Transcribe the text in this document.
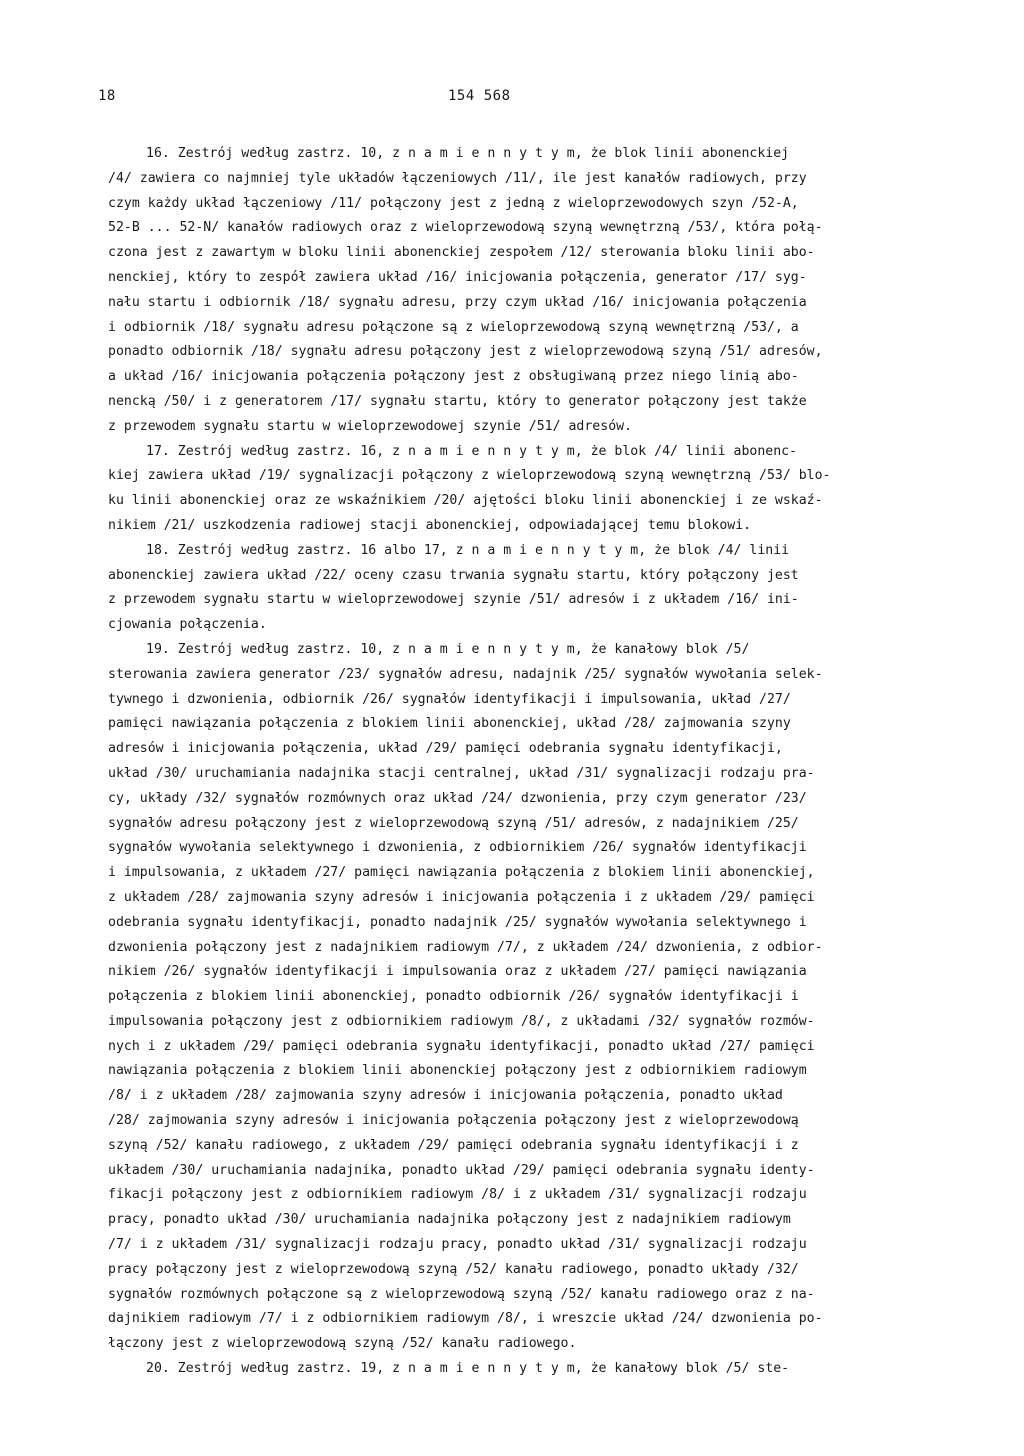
18	154 568
16. Zestrój według zastrz. 10, z n a m i e n n y t y m, że blok linii abonenckiej
/4/ zawiera co najmniej tyle układów łączeniowych /11/, ile jest kanałów radiowych, przy
czym każdy układ łączeniowy /11/ połączony jest z jedną z wieloprzewodowych szyn /52-A,
52-B ... 52-N/ kanałów radiowych oraz z wieloprzewodową szyną wewnętrzną /53/, która połą-
czona jest z zawartym w bloku linii abonenckiej zespołem /12/ sterowania bloku linii abo-
nenckiej, który to zespół zawiera układ /16/ inicjowania połączenia, generator /17/ syg-
nału startu i odbiornik /18/ sygnału adresu, przy czym układ /16/ inicjowania połączenia
i odbiornik /18/ sygnału adresu połączone są z wieloprzewodową szyną wewnętrzną /53/, a
ponadto odbiornik /18/ sygnału adresu połączony jest z wieloprzewodową szyną /51/ adresów,
a układ /16/ inicjowania połączenia połączony jest z obsługiwaną przez niego linią abo-
nencką /50/ i z generatorem /17/ sygnału startu, który to generator połączony jest także
z przewodem sygnału startu w wieloprzewodowej szynie /51/ adresów.
17. Zestrój według zastrz. 16, z n a m i e n n y t y m, że blok /4/ linii abonenc-
kiej zawiera układ /19/ sygnalizacji połączony z wieloprzewodową szyną wewnętrzną /53/ blo-
ku linii abonenckiej oraz ze wskaźnikiem /20/ ajętości bloku linii abonenckiej i ze wskaź-
nikiem /21/ uszkodzenia radiowej stacji abonenckiej, odpowiadającej temu blokowi.
18. Zestrój według zastrz. 16 albo 17, z n a m i e n n y t y m, że blok /4/ linii
abonenckiej zawiera układ /22/ oceny czasu trwania sygnału startu, który połączony jest
z przewodem sygnału startu w wieloprzewodowej szynie /51/ adresów i z układem /16/ ini-
cjowania połączenia.
19. Zestrój według zastrz. 10, z n a m i e n n y t y m, że kanałowy blok /5/
sterowania zawiera generator /23/ sygnałów adresu, nadajnik /25/ sygnałów wywołania selek-
tywnego i dzwonienia, odbiornik /26/ sygnałów identyfikacji i impulsowania, układ /27/
pamięci nawiązania połączenia z blokiem linii abonenckiej, układ /28/ zajmowania szyny
adresów i inicjowania połączenia, układ /29/ pamięci odebrania sygnału identyfikacji,
układ /30/ uruchamiania nadajnika stacji centralnej, układ /31/ sygnalizacji rodzaju pra-
cy, układy /32/ sygnałów rozmównych oraz układ /24/ dzwonienia, przy czym generator /23/
sygnałów adresu połączony jest z wieloprzewodową szyną /51/ adresów, z nadajnikiem /25/
sygnałów wywołania selektywnego i dzwonienia, z odbiornikiem /26/ sygnałów identyfikacji
i impulsowania, z układem /27/ pamięci nawiązania połączenia z blokiem linii abonenckiej,
z układem /28/ zajmowania szyny adresów i inicjowania połączenia i z układem /29/ pamięci
odebrania sygnału identyfikacji, ponadto nadajnik /25/ sygnałów wywołania selektywnego i
dzwonienia połączony jest z nadajnikiem radiowym /7/, z układem /24/ dzwonienia, z odbior-
nikiem /26/ sygnałów identyfikacji i impulsowania oraz z układem /27/ pamięci nawiązania
połączenia z blokiem linii abonenckiej, ponadto odbiornik /26/ sygnałów identyfikacji i
impulsowania połączony jest z odbiornikiem radiowym /8/, z układami /32/ sygnałów rozmów-
nych i z układem /29/ pamięci odebrania sygnału identyfikacji, ponadto układ /27/ pamięci
nawiązania połączenia z blokiem linii abonenckiej połączony jest z odbiornikiem radiowym
/8/ i z układem /28/ zajmowania szyny adresów i inicjowania połączenia, ponadto układ
/28/ zajmowania szyny adresów i inicjowania połączenia połączony jest z wieloprzewodową
szyną /52/ kanału radiowego, z układem /29/ pamięci odebrania sygnału identyfikacji i z
układem /30/ uruchamiania nadajnika, ponadto układ /29/ pamięci odebrania sygnału identy-
fikacji połączony jest z odbiornikiem radiowym /8/ i z układem /31/ sygnalizacji rodzaju
pracy, ponadto układ /30/ uruchamiania nadajnika połączony jest z nadajnikiem radiowym
/7/ i z układem /31/ sygnalizacji rodzaju pracy, ponadto układ /31/ sygnalizacji rodzaju
pracy połączony jest z wieloprzewodową szyną /52/ kanału radiowego, ponadto układy /32/
sygnałów rozmównych połączone są z wieloprzewodową szyną /52/ kanału radiowego oraz z na-
dajnikiem radiowym /7/ i z odbiornikiem radiowym /8/, i wreszcie układ /24/ dzwonienia po-
łączony jest z wieloprzewodową szyną /52/ kanału radiowego.
20. Zestrój według zastrz. 19, z n a m i e n n y t y m, że kanałowy blok /5/ ste-
